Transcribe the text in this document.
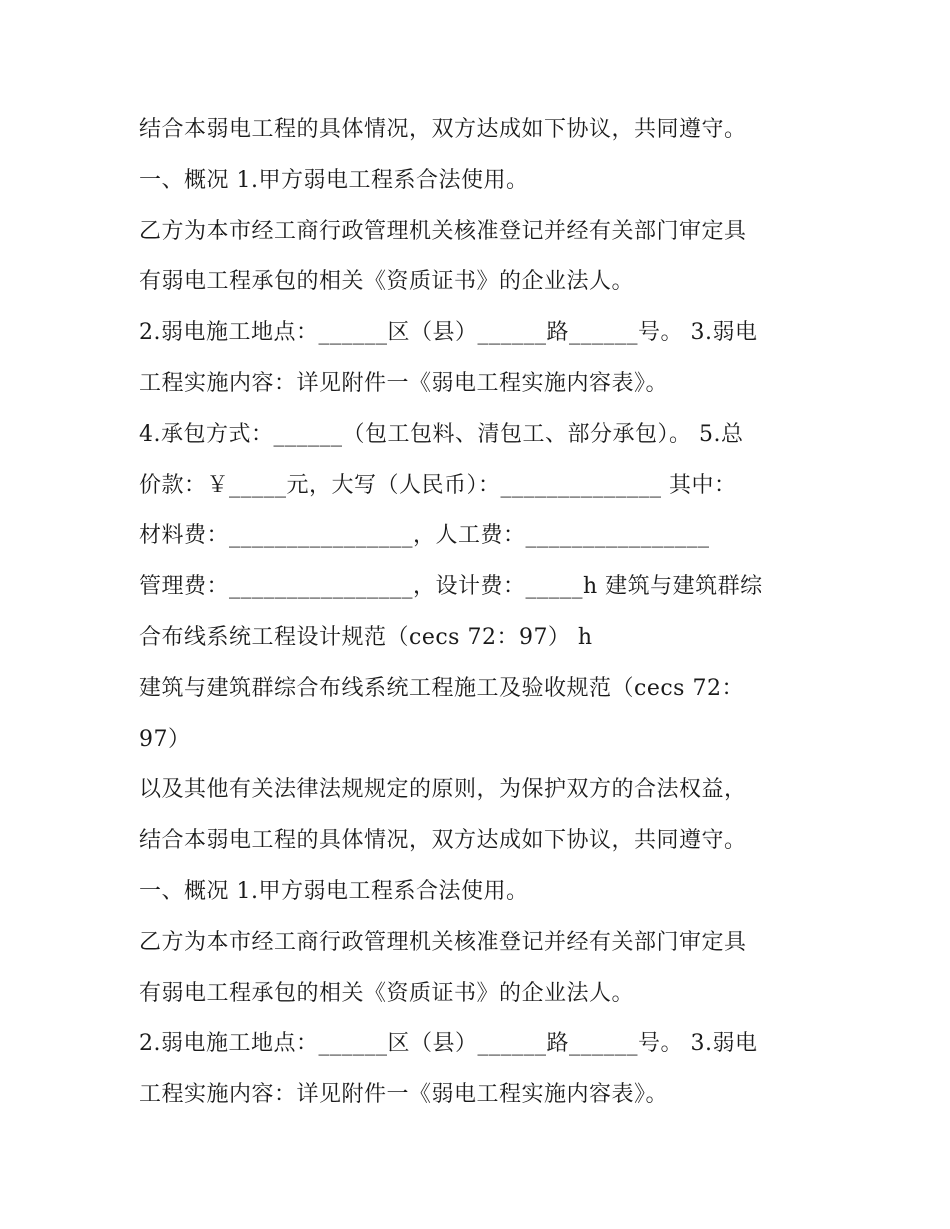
结合本弱电工程的具体情况，双方达成如下协议，共同遵守。
一、概况 1.甲方弱电工程系合法使用。
乙方为本市经工商行政管理机关核准登记并经有关部门审定具
有弱电工程承包的相关《资质证书》的企业法人。
2.弱电施工地点：______区（县）______路______号。 3.弱电
工程实施内容：详见附件一《弱电工程实施内容表》。
4.承包方式：______（包工包料、清包工、部分承包）。 5.总
价款：￥_____元，大写（人民币）：______________ 其中：
材料费：________________，人工费：________________
管理费：________________，设计费：_____h 建筑与建筑群综
合布线系统工程设计规范（cecs 72：97） h
建筑与建筑群综合布线系统工程施工及验收规范（cecs 72：
97）
以及其他有关法律法规规定的原则，为保护双方的合法权益，
结合本弱电工程的具体情况，双方达成如下协议，共同遵守。
一、概况 1.甲方弱电工程系合法使用。
乙方为本市经工商行政管理机关核准登记并经有关部门审定具
有弱电工程承包的相关《资质证书》的企业法人。
2.弱电施工地点：______区（县）______路______号。 3.弱电
工程实施内容：详见附件一《弱电工程实施内容表》。
